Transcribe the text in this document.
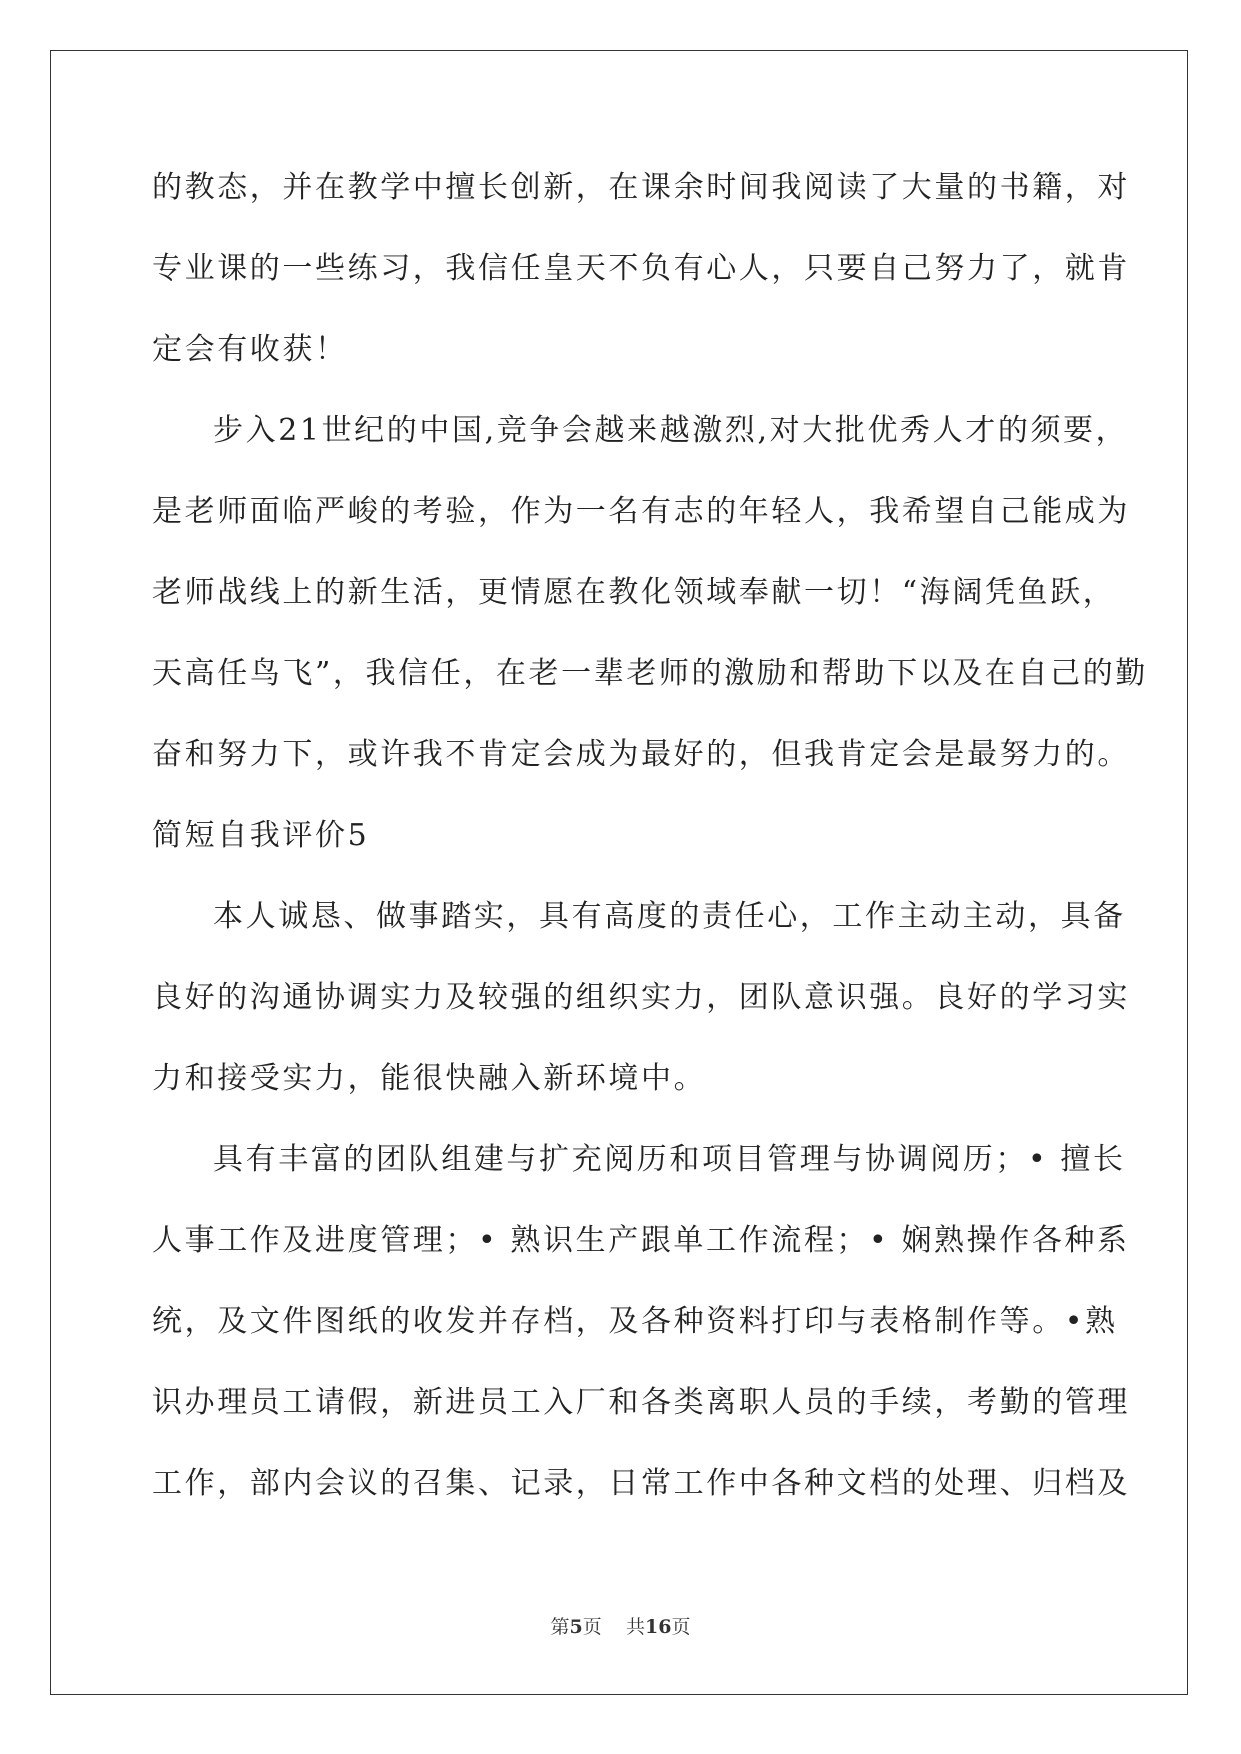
的教态，并在教学中擅长创新，在课余时间我阅读了大量的书籍，对
专业课的一些练习，我信任皇天不负有心人，只要自己努力了，就肯
定会有收获！
步入21世纪的中国,竞争会越来越激烈,对大批优秀人才的须要，
是老师面临严峻的考验，作为一名有志的年轻人，我希望自己能成为
老师战线上的新生活，更情愿在教化领域奉献一切！“海阔凭鱼跃，
天高任鸟飞”，我信任，在老一辈老师的激励和帮助下以及在自己的勤
奋和努力下，或许我不肯定会成为最好的，但我肯定会是最努力的。
简短自我评价5
本人诚恳、做事踏实，具有高度的责任心，工作主动主动，具备
良好的沟通协调实力及较强的组织实力，团队意识强。良好的学习实
力和接受实力，能很快融入新环境中。
具有丰富的团队组建与扩充阅历和项目管理与协调阅历；• 擅长
人事工作及进度管理；• 熟识生产跟单工作流程；• 娴熟操作各种系
统，及文件图纸的收发并存档，及各种资料打印与表格制作等。•熟
识办理员工请假，新进员工入厂和各类离职人员的手续，考勤的管理
工作，部内会议的召集、记录，日常工作中各种文档的处理、归档及
第5页 共16页
